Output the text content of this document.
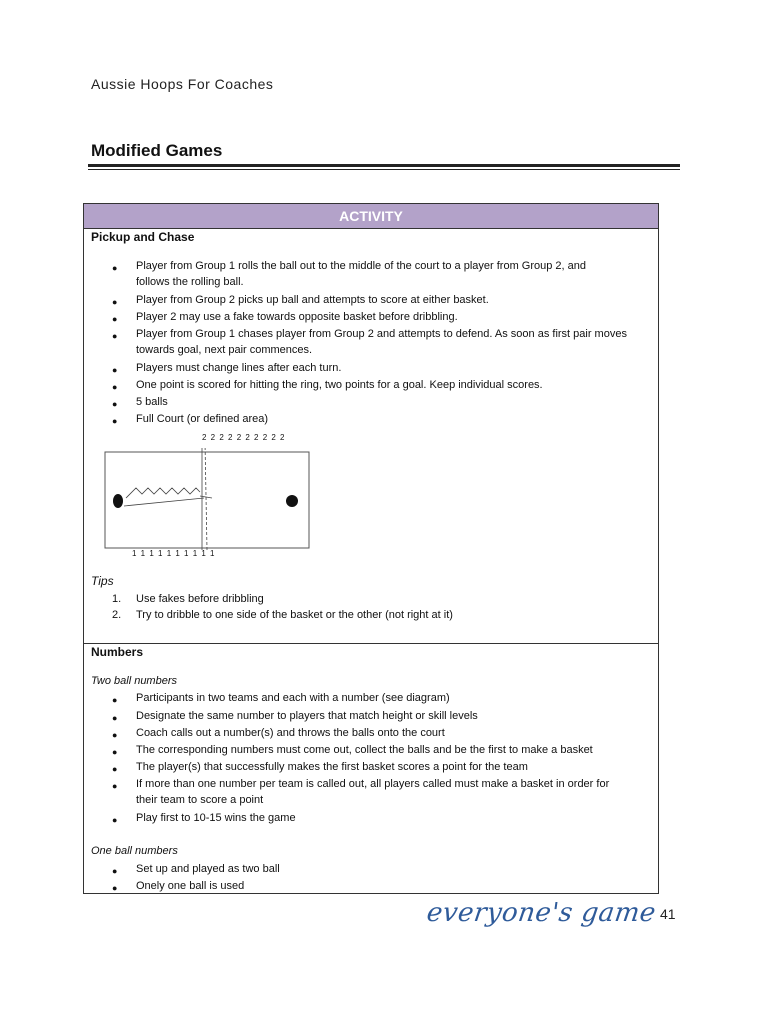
Aussie Hoops For Coaches
Modified Games
ACTIVITY
Pickup and Chase
● Player from Group 1 rolls the ball out to the middle of the court to a player from Group 2, and
follows the rolling ball.
● Player from Group 2 picks up ball and attempts to score at either basket.
● Player 2 may use a fake towards opposite basket before dribbling.
● Player from Group 1 chases player from Group 2 and attempts to defend. As soon as first pair moves
towards goal, next pair commences.
● Players must change lines after each turn.
● One point is scored for hitting the ring, two points for a goal. Keep individual scores.
● 5 balls
● Full Court (or defined area)
2 2 2 2 2 2 2 2 2 2
1 1 1 1 1 1 1 1 1 1
Tips
1. Use fakes before dribbling
2. Try to dribble to one side of the basket or the other (not right at it)
Numbers
Two ball numbers
● Participants in two teams and each with a number (see diagram)
● Designate the same number to players that match height or skill levels
● Coach calls out a number(s) and throws the balls onto the court
● The corresponding numbers must come out, collect the balls and be the first to make a basket
● The player(s) that successfully makes the first basket scores a point for the team
● If more than one number per team is called out, all players called must make a basket in order for
their team to score a point
● Play first to 10-15 wins the game
One ball numbers
● Set up and played as two ball
● Onely one ball is used
everyone's game 41
